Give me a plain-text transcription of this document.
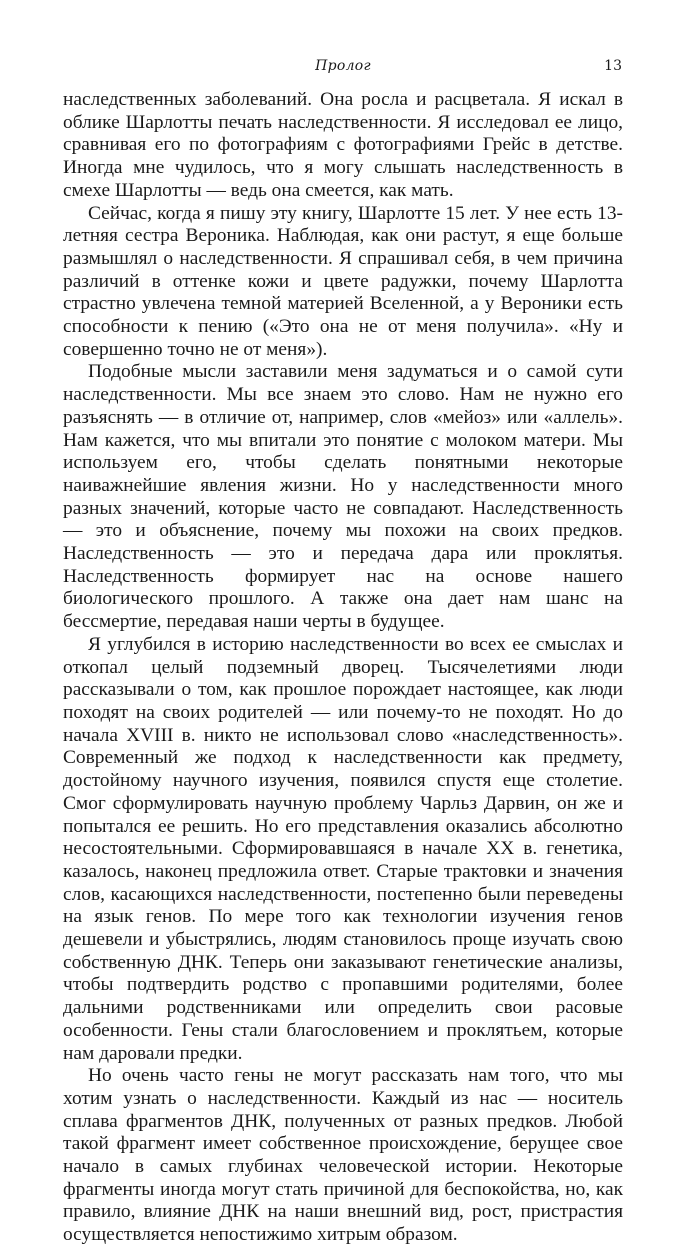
Пролог	13

наследственных заболеваний. Она росла и расцветала. Я искал в облике Шарлотты печать наследственности. Я исследовал ее лицо, сравнивая его по фотографиям с фотографиями Грейс в детстве. Иногда мне чудилось, что я могу слышать наследственность в смехе Шарлотты — ведь она смеется, как мать.

Сейчас, когда я пишу эту книгу, Шарлотте 15 лет. У нее есть 13-летняя сестра Вероника. Наблюдая, как они растут, я еще больше размышлял о наследственности. Я спрашивал себя, в чем причина различий в оттенке кожи и цвете радужки, почему Шарлотта страстно увлечена темной материей Вселенной, а у Вероники есть способности к пению («Это она не от меня получила». «Ну и совершенно точно не от меня»).

Подобные мысли заставили меня задуматься и о самой сути наследственности. Мы все знаем это слово. Нам не нужно его разъяснять — в отличие от, например, слов «мейоз» или «аллель». Нам кажется, что мы впитали это понятие с молоком матери. Мы используем его, чтобы сделать понятными некоторые наиважнейшие явления жизни. Но у наследственности много разных значений, которые часто не совпадают. Наследственность — это и объяснение, почему мы похожи на своих предков. Наследственность — это и передача дара или проклятья. Наследственность формирует нас на основе нашего биологического прошлого. А также она дает нам шанс на бессмертие, передавая наши черты в будущее.

Я углубился в историю наследственности во всех ее смыслах и откопал целый подземный дворец. Тысячелетиями люди рассказывали о том, как прошлое порождает настоящее, как люди походят на своих родителей — или почему-то не походят. Но до начала XVIII в. никто не использовал слово «наследственность». Современный же подход к наследственности как предмету, достойному научного изучения, появился спустя еще столетие. Смог сформулировать научную проблему Чарльз Дарвин, он же и попытался ее решить. Но его представления оказались абсолютно несостоятельными. Сформировавшаяся в начале XX в. генетика, казалось, наконец предложила ответ. Старые трактовки и значения слов, касающихся наследственности, постепенно были переведены на язык генов. По мере того как технологии изучения генов дешевели и убыстрялись, людям становилось проще изучать свою собственную ДНК. Теперь они заказывают генетические анализы, чтобы подтвердить родство с пропавшими родителями, более дальними родственниками или определить свои расовые особенности. Гены стали благословением и проклятьем, которые нам даровали предки.

Но очень часто гены не могут рассказать нам того, что мы хотим узнать о наследственности. Каждый из нас — носитель сплава фрагментов ДНК, полученных от разных предков. Любой такой фрагмент имеет собственное происхождение, берущее свое начало в самых глубинах человеческой истории. Некоторые фрагменты иногда могут стать причиной для беспокойства, но, как правило, влияние ДНК на наши внешний вид, рост, пристрастия осуществляется непостижимо хитрым образом.
